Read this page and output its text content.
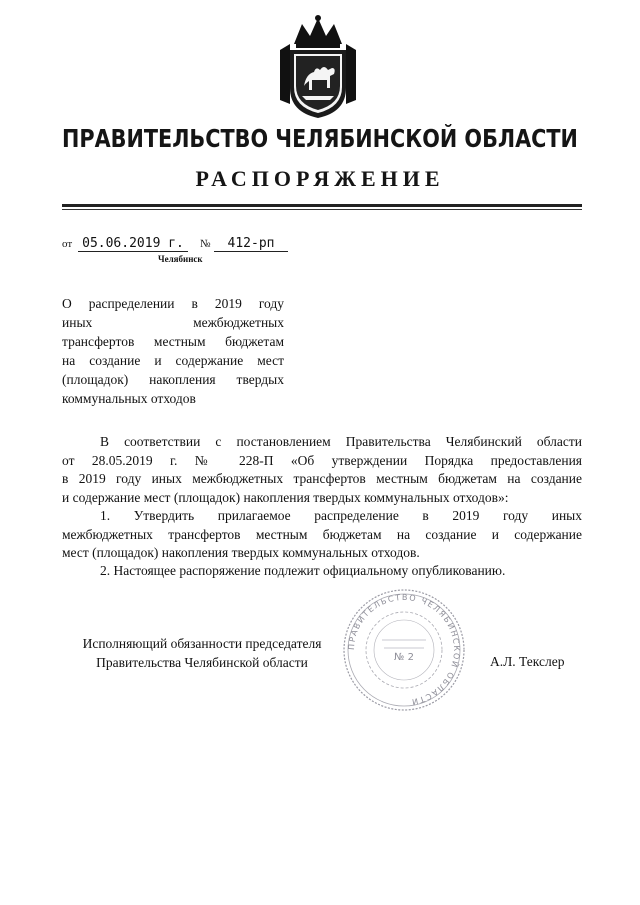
ПРАВИТЕЛЬСТВО ЧЕЛЯБИНСКОЙ ОБЛАСТИ
РАСПОРЯЖЕНИЕ
от 05.06.2019 г.	№	412-рп
Челябинск
О распределении в 2019 году
иных межбюджетных
трансфертов местным бюджетам
на создание и содержание мест
(площадок) накопления твердых
коммунальных отходов
В соответствии с постановлением Правительства Челябинский области
от 28.05.2019 г. № 228-П «Об утверждении Порядка предоставления
в 2019 году иных межбюджетных трансфертов местным бюджетам на создание
и содержание мест (площадок) накопления твердых коммунальных отходов»:
1. Утвердить прилагаемое распределение в 2019 году иных
межбюджетных трансфертов местным бюджетам на создание и содержание
мест (площадок) накопления твердых коммунальных отходов.
2. Настоящее распоряжение подлежит официальному опубликованию.
Исполняющий обязанности председателя
Правительства Челябинской области
ПРАВИТЕЛЬСТВО ЧЕЛЯБИНСКОЙ ОБЛАСТИ
№ 2	А.Л. Текслер
